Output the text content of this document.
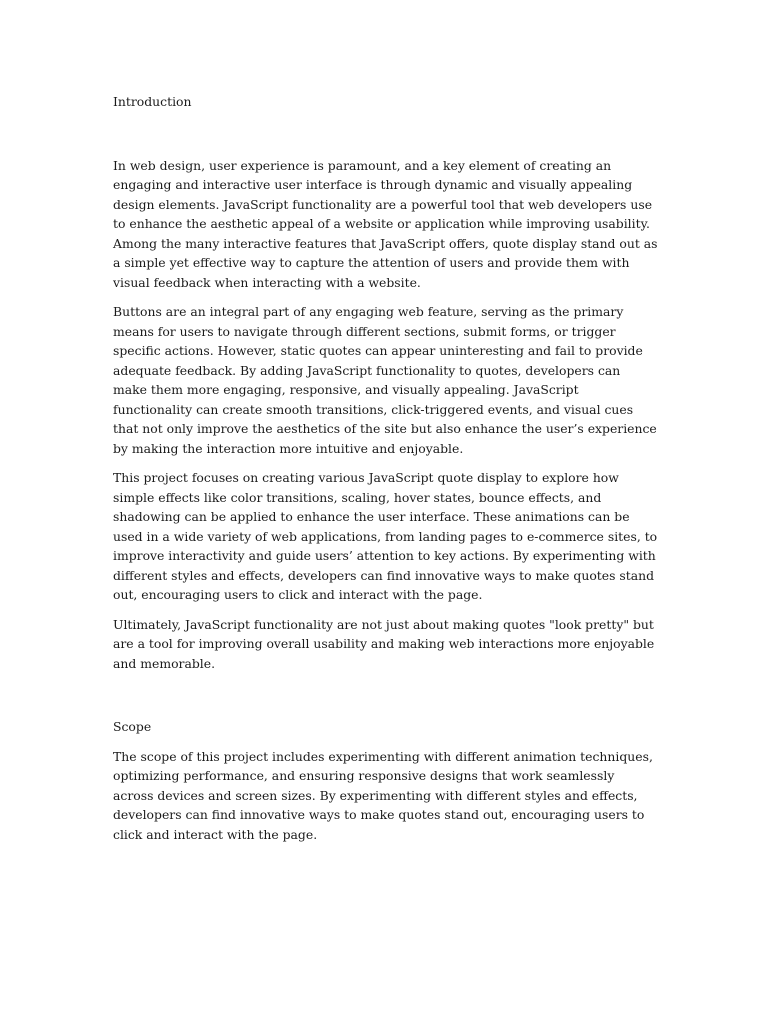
Introduction

In web design, user experience is paramount, and a key element of creating an engaging and interactive user interface is through dynamic and visually appealing design elements. JavaScript functionality are a powerful tool that web developers use to enhance the aesthetic appeal of a website or application while improving usability. Among the many interactive features that JavaScript offers, quote display stand out as a simple yet effective way to capture the attention of users and provide them with visual feedback when interacting with a website.

Buttons are an integral part of any engaging web feature, serving as the primary means for users to navigate through different sections, submit forms, or trigger specific actions. However, static quotes can appear uninteresting and fail to provide adequate feedback. By adding JavaScript functionality to quotes, developers can make them more engaging, responsive, and visually appealing. JavaScript functionality can create smooth transitions, click-triggered events, and visual cues that not only improve the aesthetics of the site but also enhance the user’s experience by making the interaction more intuitive and enjoyable.

This project focuses on creating various JavaScript quote display to explore how simple effects like color transitions, scaling, hover states, bounce effects, and shadowing can be applied to enhance the user interface. These animations can be used in a wide variety of web applications, from landing pages to e-commerce sites, to improve interactivity and guide users’ attention to key actions. By experimenting with different styles and effects, developers can find innovative ways to make quotes stand out, encouraging users to click and interact with the page.

Ultimately, JavaScript functionality are not just about making quotes "look pretty" but are a tool for improving overall usability and making web interactions more enjoyable and memorable.

Scope

The scope of this project includes experimenting with different animation techniques, optimizing performance, and ensuring responsive designs that work seamlessly across devices and screen sizes. By experimenting with different styles and effects, developers can find innovative ways to make quotes stand out, encouraging users to click and interact with the page.
